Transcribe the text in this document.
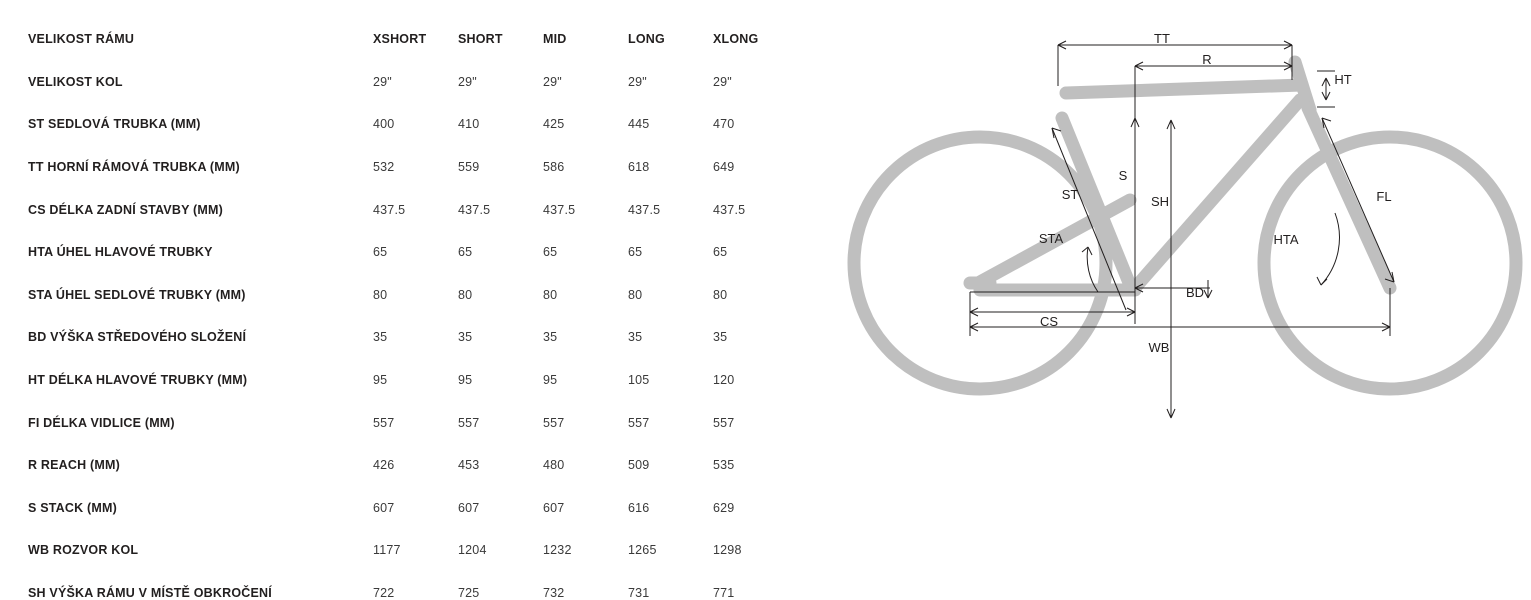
VELIKOST RÁMU	XSHORT	SHORT	MID	LONG	XLONG
VELIKOST KOL	29"	29"	29"	29"	29"
ST SEDLOVÁ TRUBKA (MM)	400	410	425	445	470
TT HORNÍ RÁMOVÁ TRUBKA (MM)	532	559	586	618	649
CS DÉLKA ZADNÍ STAVBY (MM)	437.5	437.5	437.5	437.5	437.5
HTA ÚHEL HLAVOVÉ TRUBKY	65	65	65	65	65
STA ÚHEL SEDLOVÉ TRUBKY (MM)	80	80	80	80	80
BD VÝŠKA STŘEDOVÉHO SLOŽENÍ	35	35	35	35	35
HT DÉLKA HLAVOVÉ TRUBKY (MM)	95	95	95	105	120
FI DÉLKA VIDLICE (MM)	557	557	557	557	557
R REACH (MM)	426	453	480	509	535
S STACK (MM)	607	607	607	616	629
WB ROZVOR KOL	1177	1204	1232	1265	1298
SH VÝŠKA RÁMU V MÍSTĚ OBKROČENÍ	722	725	732	731	771
TT
R
HT
ST
S
SH
STA	HTA
FL
BD
CS
WB
